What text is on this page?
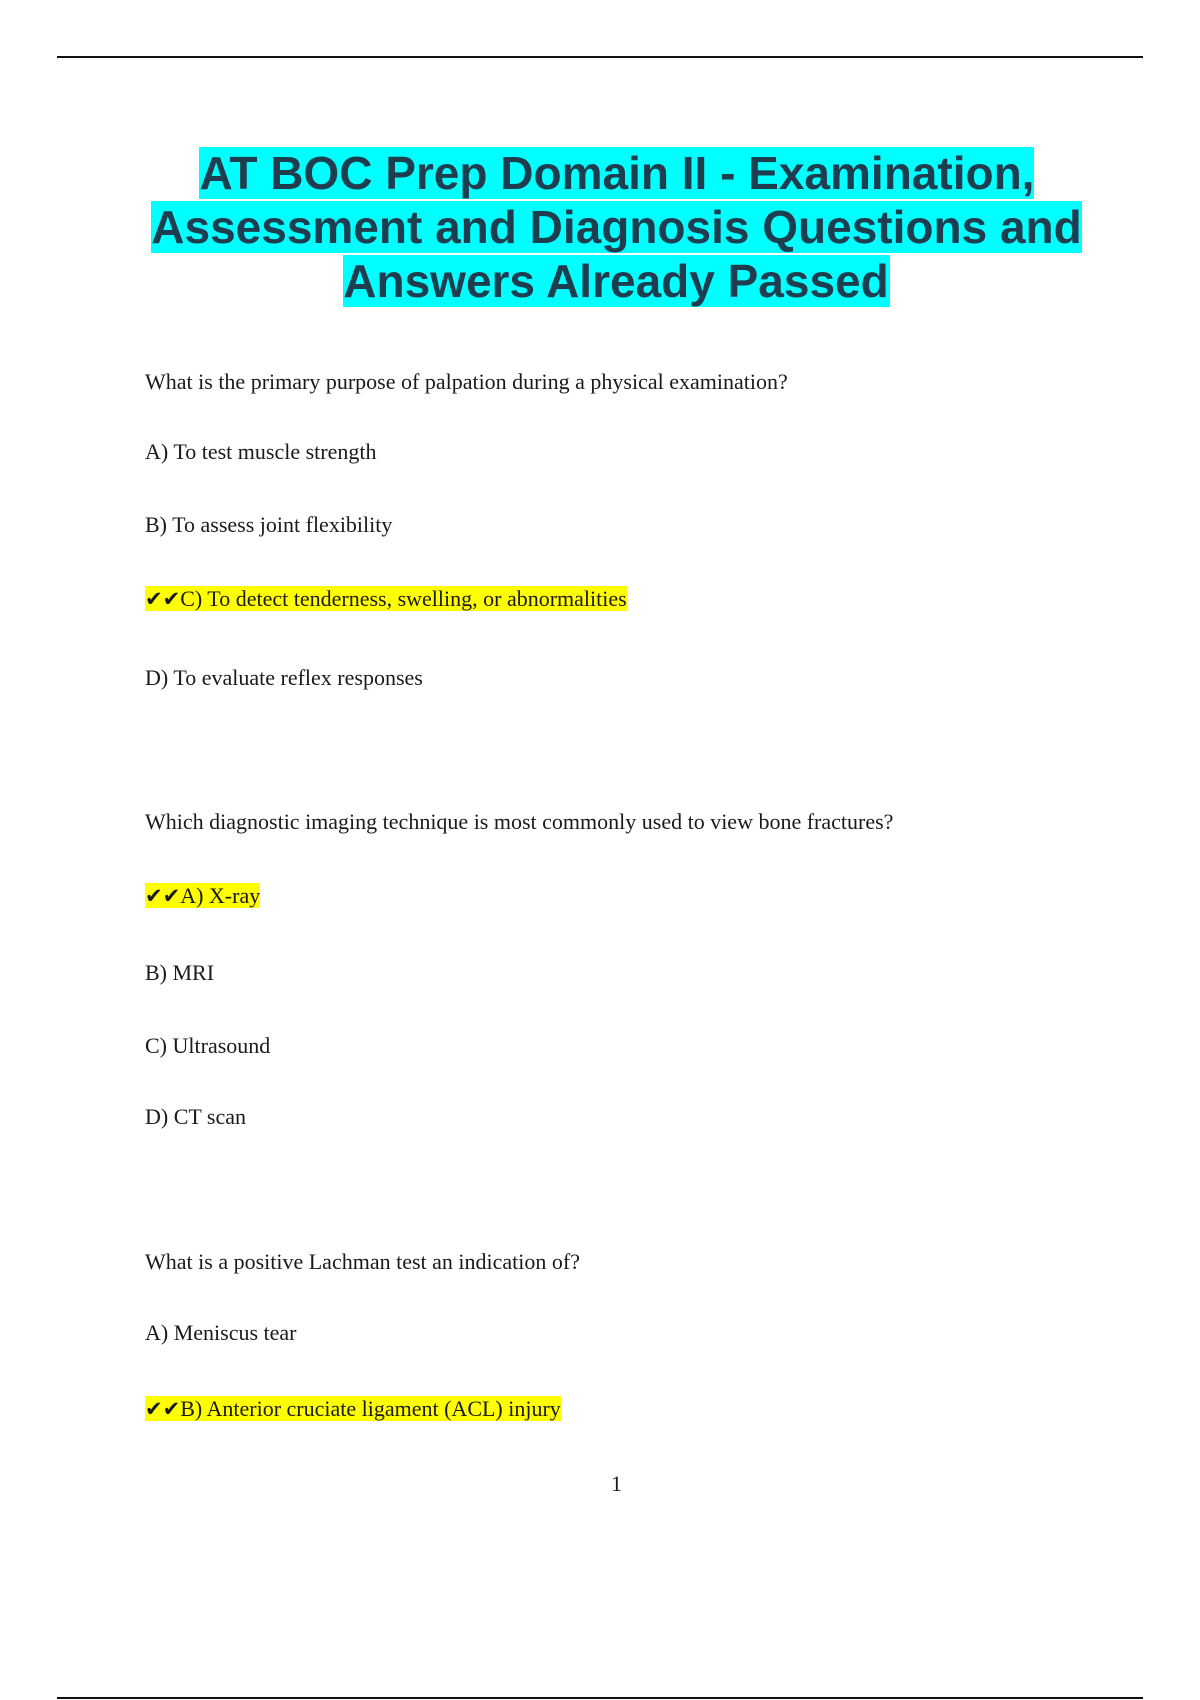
AT BOC Prep Domain II - Examination, Assessment and Diagnosis Questions and Answers Already Passed
What is the primary purpose of palpation during a physical examination?
A) To test muscle strength
B) To assess joint flexibility
✔✔C) To detect tenderness, swelling, or abnormalities
D) To evaluate reflex responses
Which diagnostic imaging technique is most commonly used to view bone fractures?
✔✔A) X-ray
B) MRI
C) Ultrasound
D) CT scan
What is a positive Lachman test an indication of?
A) Meniscus tear
✔✔B) Anterior cruciate ligament (ACL) injury
1
